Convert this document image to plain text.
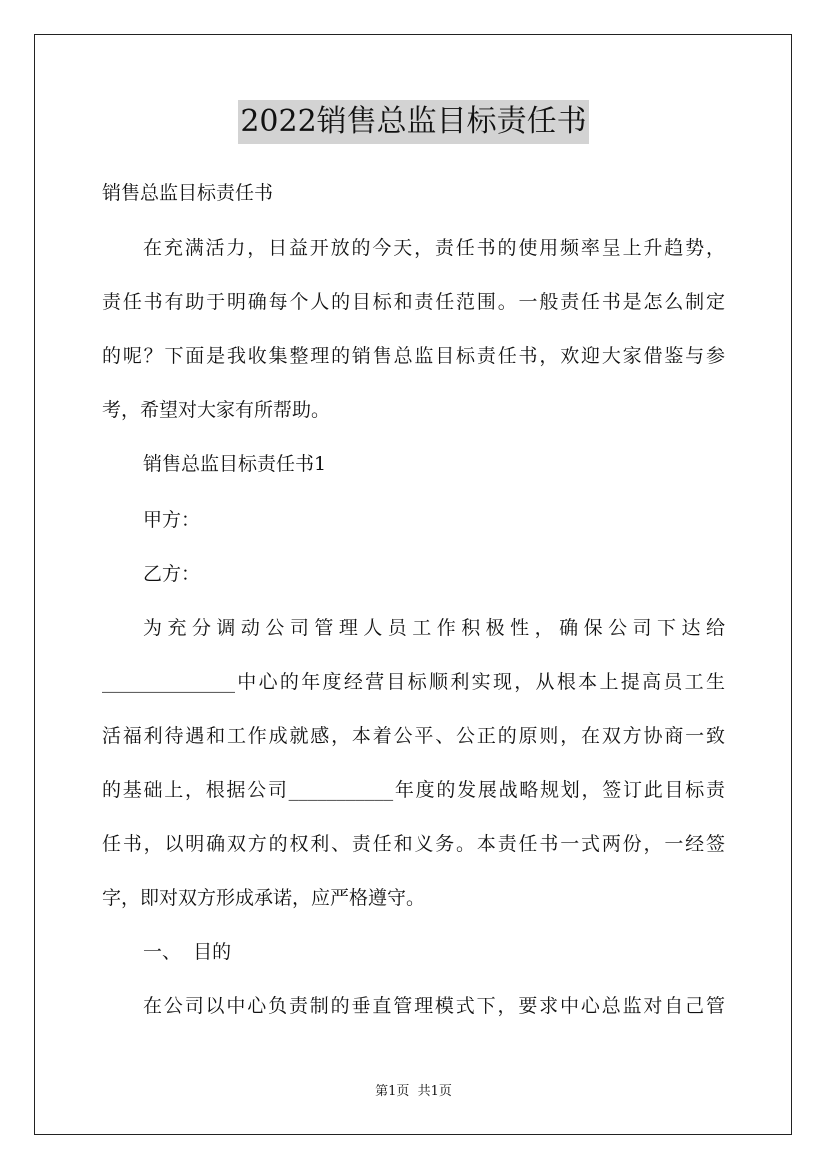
2022销售总监目标责任书
销售总监目标责任书
在充满活力，日益开放的今天，责任书的使用频率呈上升趋势，
责任书有助于明确每个人的目标和责任范围。一般责任书是怎么制定
的呢？下面是我收集整理的销售总监目标责任书，欢迎大家借鉴与参
考，希望对大家有所帮助。
销售总监目标责任书1
甲方：
乙方：
为充分调动公司管理人员工作积极性，确保公司下达给
______________中心的年度经营目标顺利实现，从根本上提高员工生
活福利待遇和工作成就感，本着公平、公正的原则，在双方协商一致
的基础上，根据公司___________年度的发展战略规划，签订此目标责
任书，以明确双方的权利、责任和义务。本责任书一式两份，一经签
字，即对双方形成承诺，应严格遵守。
一、  目的
在公司以中心负责制的垂直管理模式下，要求中心总监对自己管
第1页  共1页
